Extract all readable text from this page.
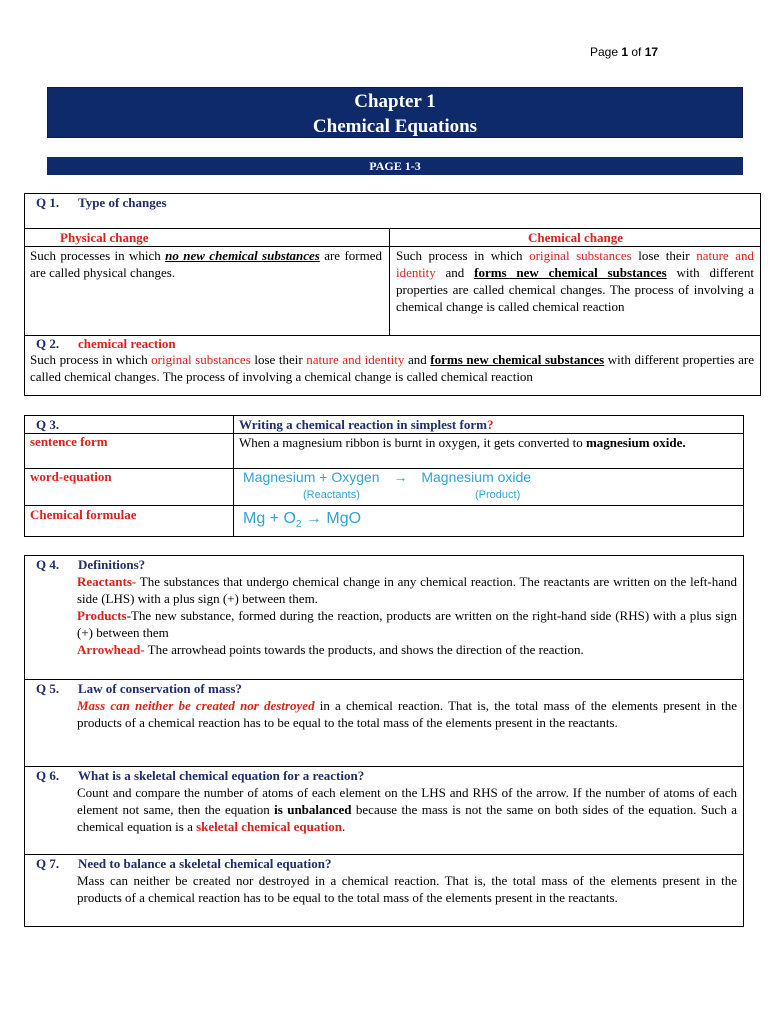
Page 1 of 17
Chapter 1
Chemical Equations
PAGE 1-3
Q 1. Type of changes
Physical change	Chemical change
Such processes in which no new chemical substances are formed are called physical changes.
Such process in which original substances lose their nature and identity and forms new chemical substances with different properties are called chemical changes. The process of involving a chemical change is called chemical reaction
Q 2. chemical reaction
Such process in which original substances lose their nature and identity and forms new chemical substances with different properties are called chemical changes. The process of involving a chemical change is called chemical reaction
Q 3.	Writing a chemical reaction in simplest form?
sentence form	When a magnesium ribbon is burnt in oxygen, it gets converted to magnesium oxide.
word-equation	Magnesium + Oxygen → Magnesium oxide
(Reactants)	(Product)
Chemical formulae	$Mg + O_2$ → MgO
Q 4. Definitions?
Reactants- The substances that undergo chemical change in any chemical reaction. The reactants are written on the left-hand side (LHS) with a plus sign (+) between them.
Products-The new substance, formed during the reaction, products are written on the right-hand side (RHS) with a plus sign (+) between them
Arrowhead- The arrowhead points towards the products, and shows the direction of the reaction.
Q 5. Law of conservation of mass?
Mass can neither be created nor destroyed in a chemical reaction. That is, the total mass of the elements present in the products of a chemical reaction has to be equal to the total mass of the elements present in the reactants.
Q 6. What is a skeletal chemical equation for a reaction?
Count and compare the number of atoms of each element on the LHS and RHS of the arrow. If the number of atoms of each element not same, then the equation is unbalanced because the mass is not the same on both sides of the equation. Such a chemical equation is a skeletal chemical equation.
Q 7. Need to balance a skeletal chemical equation?
Mass can neither be created nor destroyed in a chemical reaction. That is, the total mass of the elements present in the products of a chemical reaction has to be equal to the total mass of the elements present in the reactants.
